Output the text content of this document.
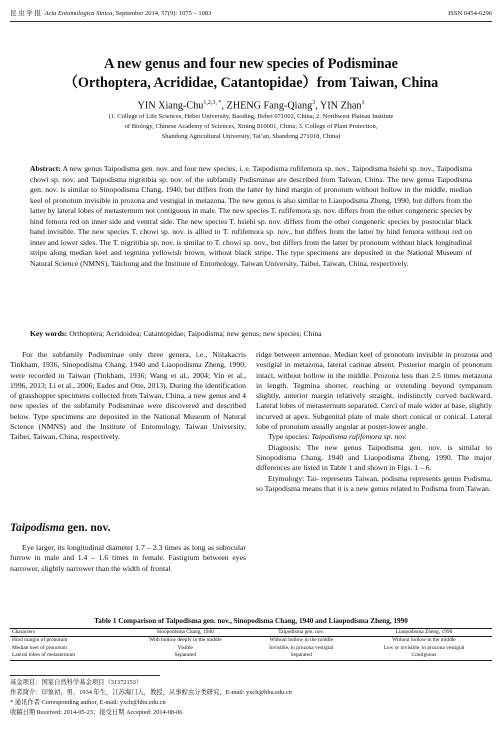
昆 虫 学 报 Acta Entomologica Sinica, September 2014, 57(9): 1075 – 1083	ISSN 0454-6296
A new genus and four new species of Podisminae
（Orthoptera, Acrididae, Catantopidae）from Taiwan, China
YIN Xiang-Chu$^{1,2,3, *}$, ZHENG Fang-Qiang$^3$, YIN Zhan$^1$
(1. College of Life Sciences, Hebei University, Baoding, Hebei 071002, China; 2. Northwest Plateau Institute
of Biology, Chinese Academy of Sciences, Xining 810001, China; 3. College of Plant Protection,
Shandong Agricultural University, Tai’an, Shandong 271018, China)
Abstract: A new genus Taipodisma gen. nov. and four new species, i. e. Taipodisma rufifemora sp. nov., Taipodisma hsiehi sp. nov., Taipodisma chowi sp. nov. and Taipodisma nigritibia sp. nov. of the subfamily Podisminae are described from Taiwan, China. The new genus Taipodisma gen. nov. is similar to Sinopodisma Chang, 1940, but differs from the latter by hind margin of pronotum without hollow in the middle, median keel of pronotum invisible in prozona and vestigial in metazona. The new genus is also similar to Liaopodisma Zheng, 1990, but differs from the latter by lateral lobes of metasternum not contiguous in male. The new species T. rufifemora sp. nov. differs from the other congeneric species by hind femora red on inner side and ventral side. The new species T. hsiehi sp. nov. differs from the other congeneric species by postocular black band invisible. The new species T. chowi sp. nov. is allied to T. rufifemora sp. nov., but differs from the latter by hind femora without red on inner and lower sides. The T. nigritibia sp. nov. is similar to T. chowi sp. nov., but differs from the latter by pronotum without black longitudinal stripe along median keel and tegmina yellowish brown, without black stripe. The type specimens are deposited in the National Museum of Natural Science (NMNS), Taichung and the Institute of Entomology, Taiwan University, Taibei, Taiwan, China, respectively.
Key words: Orthoptera; Acridoidea; Catantopidae; Taipodisma; new genus; new species; China

For the subfamily Podisminae only three genera, i.e., Niitakacris Tinkham, 1936, Sinopodisma Chang, 1940 and Liaopodisma Zheng, 1990, were recorded in Taiwan (Tinkham, 1936; Wang et al., 2004; Yin et al., 1996, 2013; Li et al., 2006; Eades and Otte, 2013). During the identification of grasshopper specimens collected from Taiwan, China, a new genus and 4 new species of the subfamily Podisminae were discovered and described below. Type specimens are deposited in the National Museum of Natural Science (NMNS) and the Institute of Entomology, Taiwan University, Taibei, Taiwan, China, respectively.

Taipodisma gen. nov.

Eye larger, its longitudinal diameter 1.7 – 2.3 times as long as subocular furrow in male and 1.4 – 1.6 times in female. Fastigium between eyes narrower, slightly narrower than the width of frontal

ridge between antennae. Median keel of pronotum invisible in prozona and vestigial in metazona, lateral carinae absent. Posterior margin of pronotum intact, without hollow in the middle. Prozona less than 2.5 times metazona in length. Tegmina shorter, reaching or extending beyond tympanum slightly, anterior margin relatively straight, indistinctly curved backward. Lateral lobes of metasternum separated. Cerci of male wider at base, slightly incurved at apex. Subgenital plate of male short conical or conical. Lateral lobe of pronotum usually angular at poster-lower angle.

Type species: Taipodisma rufifemora sp. nov.

Diagnosis: The new genus Taipodisma gen. nov. is similar to Sinopodisma Chang, 1940 and Liaopodisma Zheng, 1990. The major differences are listed in Table 1 and shown in Figs. 1 – 6.

Etymology: Tai- represents Taiwan, podisma represents genus Podisma, so Taipodisma means that it is a new genus related to Podisma from Taiwan.

Table 1 Comparison of Taipodisma gen. nov., Sinopodisma Chang, 1940 and Liaopodisma Zheng, 1990
Characters	Sinopodisma Chang, 1940	Taipodisma gen. nov.	Liaopodisma Zheng, 1990
Hind margin of pronotum	With hollow deeply in the middle	Without hollow in the middle	Without hollow in the middle
Median keel of pronotum	Visible	Invisible, in prozona vestigial	Low or invisible, in prozona vestigial
Lateral lobes of metasternum	Separated	Separated	Contiguous
基金项目：国家自然科学基金项目（31372153）
作者简介：印象初，男，1934 年生，江苏海门人，教授，从事蝗虫分类研究，E-mail: yxch@hbu.edu.cn
* 通讯作者 Corresponding author, E-mail: yxch@hbu.edu.cn
收稿日期 Received: 2014-05-23；接受日期 Accepted: 2014-08-06
